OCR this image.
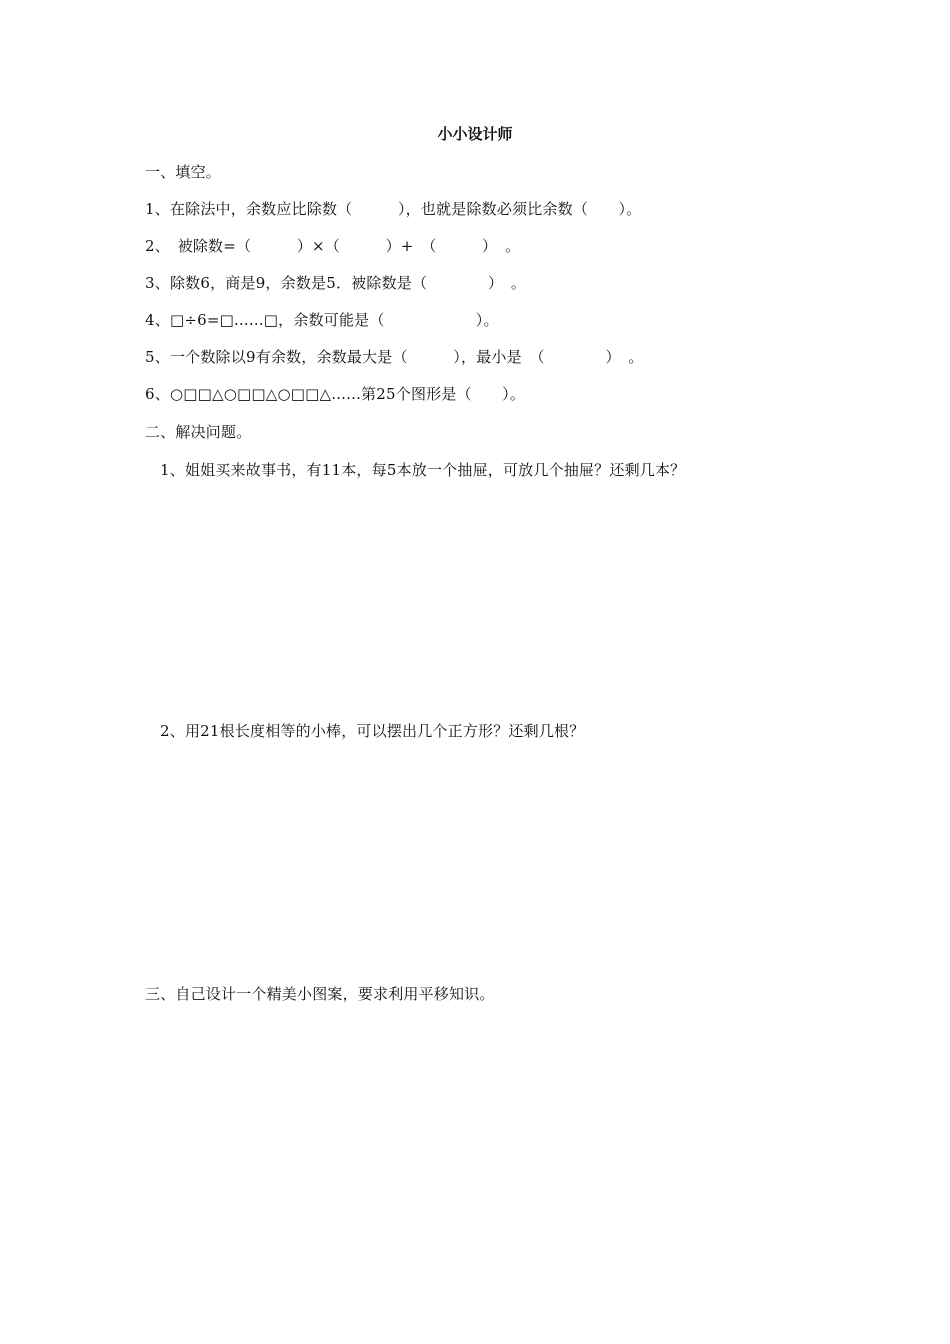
小小设计师
一、填空。
1、在除法中，余数应比除数（　　　），也就是除数必须比余数（　　）。
2、　被除数=（　　　）×（　　　）+　（　　　）　。
3、除数6，商是9，余数是5．被除数是（　　　　）　。
4、□÷6=□......□，余数可能是（　　　　　　）。
5、一个数除以9有余数，余数最大是（　　　），最小是　（　　　　）　。
6、○□□△○□□△○□□△......第25个图形是（　　）。
二、解决问题。
1、姐姐买来故事书，有11本，每5本放一个抽屉，可放几个抽屉？还剩几本？
2、用21根长度相等的小棒，可以摆出几个正方形？还剩几根？
三、自己设计一个精美小图案，要求利用平移知识。
